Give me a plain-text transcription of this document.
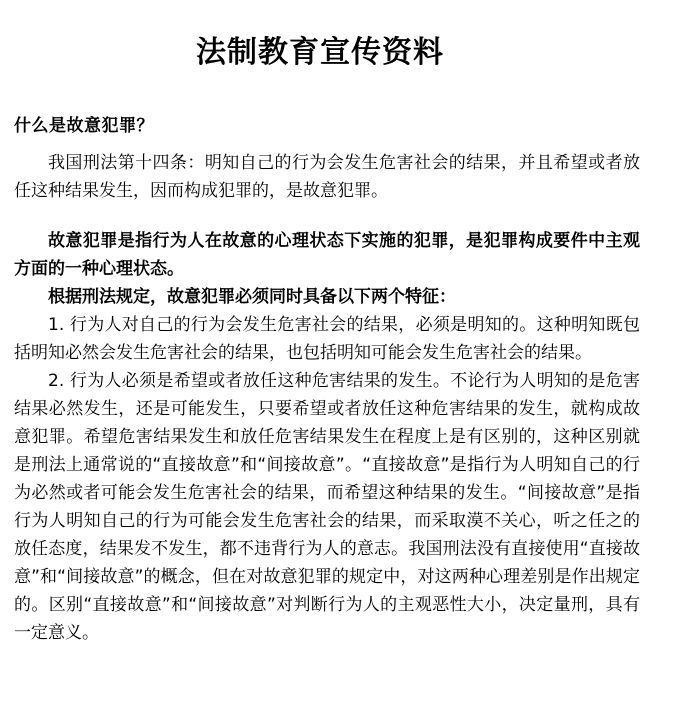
法制教育宣传资料
什么是故意犯罪？

我国刑法第十四条：明知自己的行为会发生危害社会的结果，并且希望或者放任这种结果发生，因而构成犯罪的，是故意犯罪。

故意犯罪是指行为人在故意的心理状态下实施的犯罪，是犯罪构成要件中主观方面的一种心理状态。

根据刑法规定，故意犯罪必须同时具备以下两个特征：

1. 行为人对自己的行为会发生危害社会的结果，必须是明知的。这种明知既包括明知必然会发生危害社会的结果，也包括明知可能会发生危害社会的结果。

2. 行为人必须是希望或者放任这种危害结果的发生。不论行为人明知的是危害结果必然发生，还是可能发生，只要希望或者放任这种危害结果的发生，就构成故意犯罪。希望危害结果发生和放任危害结果发生在程度上是有区别的，这种区别就是刑法上通常说的“直接故意”和“间接故意”。“直接故意”是指行为人明知自己的行为必然或者可能会发生危害社会的结果，而希望这种结果的发生。“间接故意”是指行为人明知自己的行为可能会发生危害社会的结果，而采取漠不关心，听之任之的放任态度，结果发不发生，都不违背行为人的意志。我国刑法没有直接使用“直接故意”和“间接故意”的概念，但在对故意犯罪的规定中，对这两种心理差别是作出规定的。区别“直接故意”和“间接故意”对判断行为人的主观恶性大小，决定量刑，具有一定意义。
